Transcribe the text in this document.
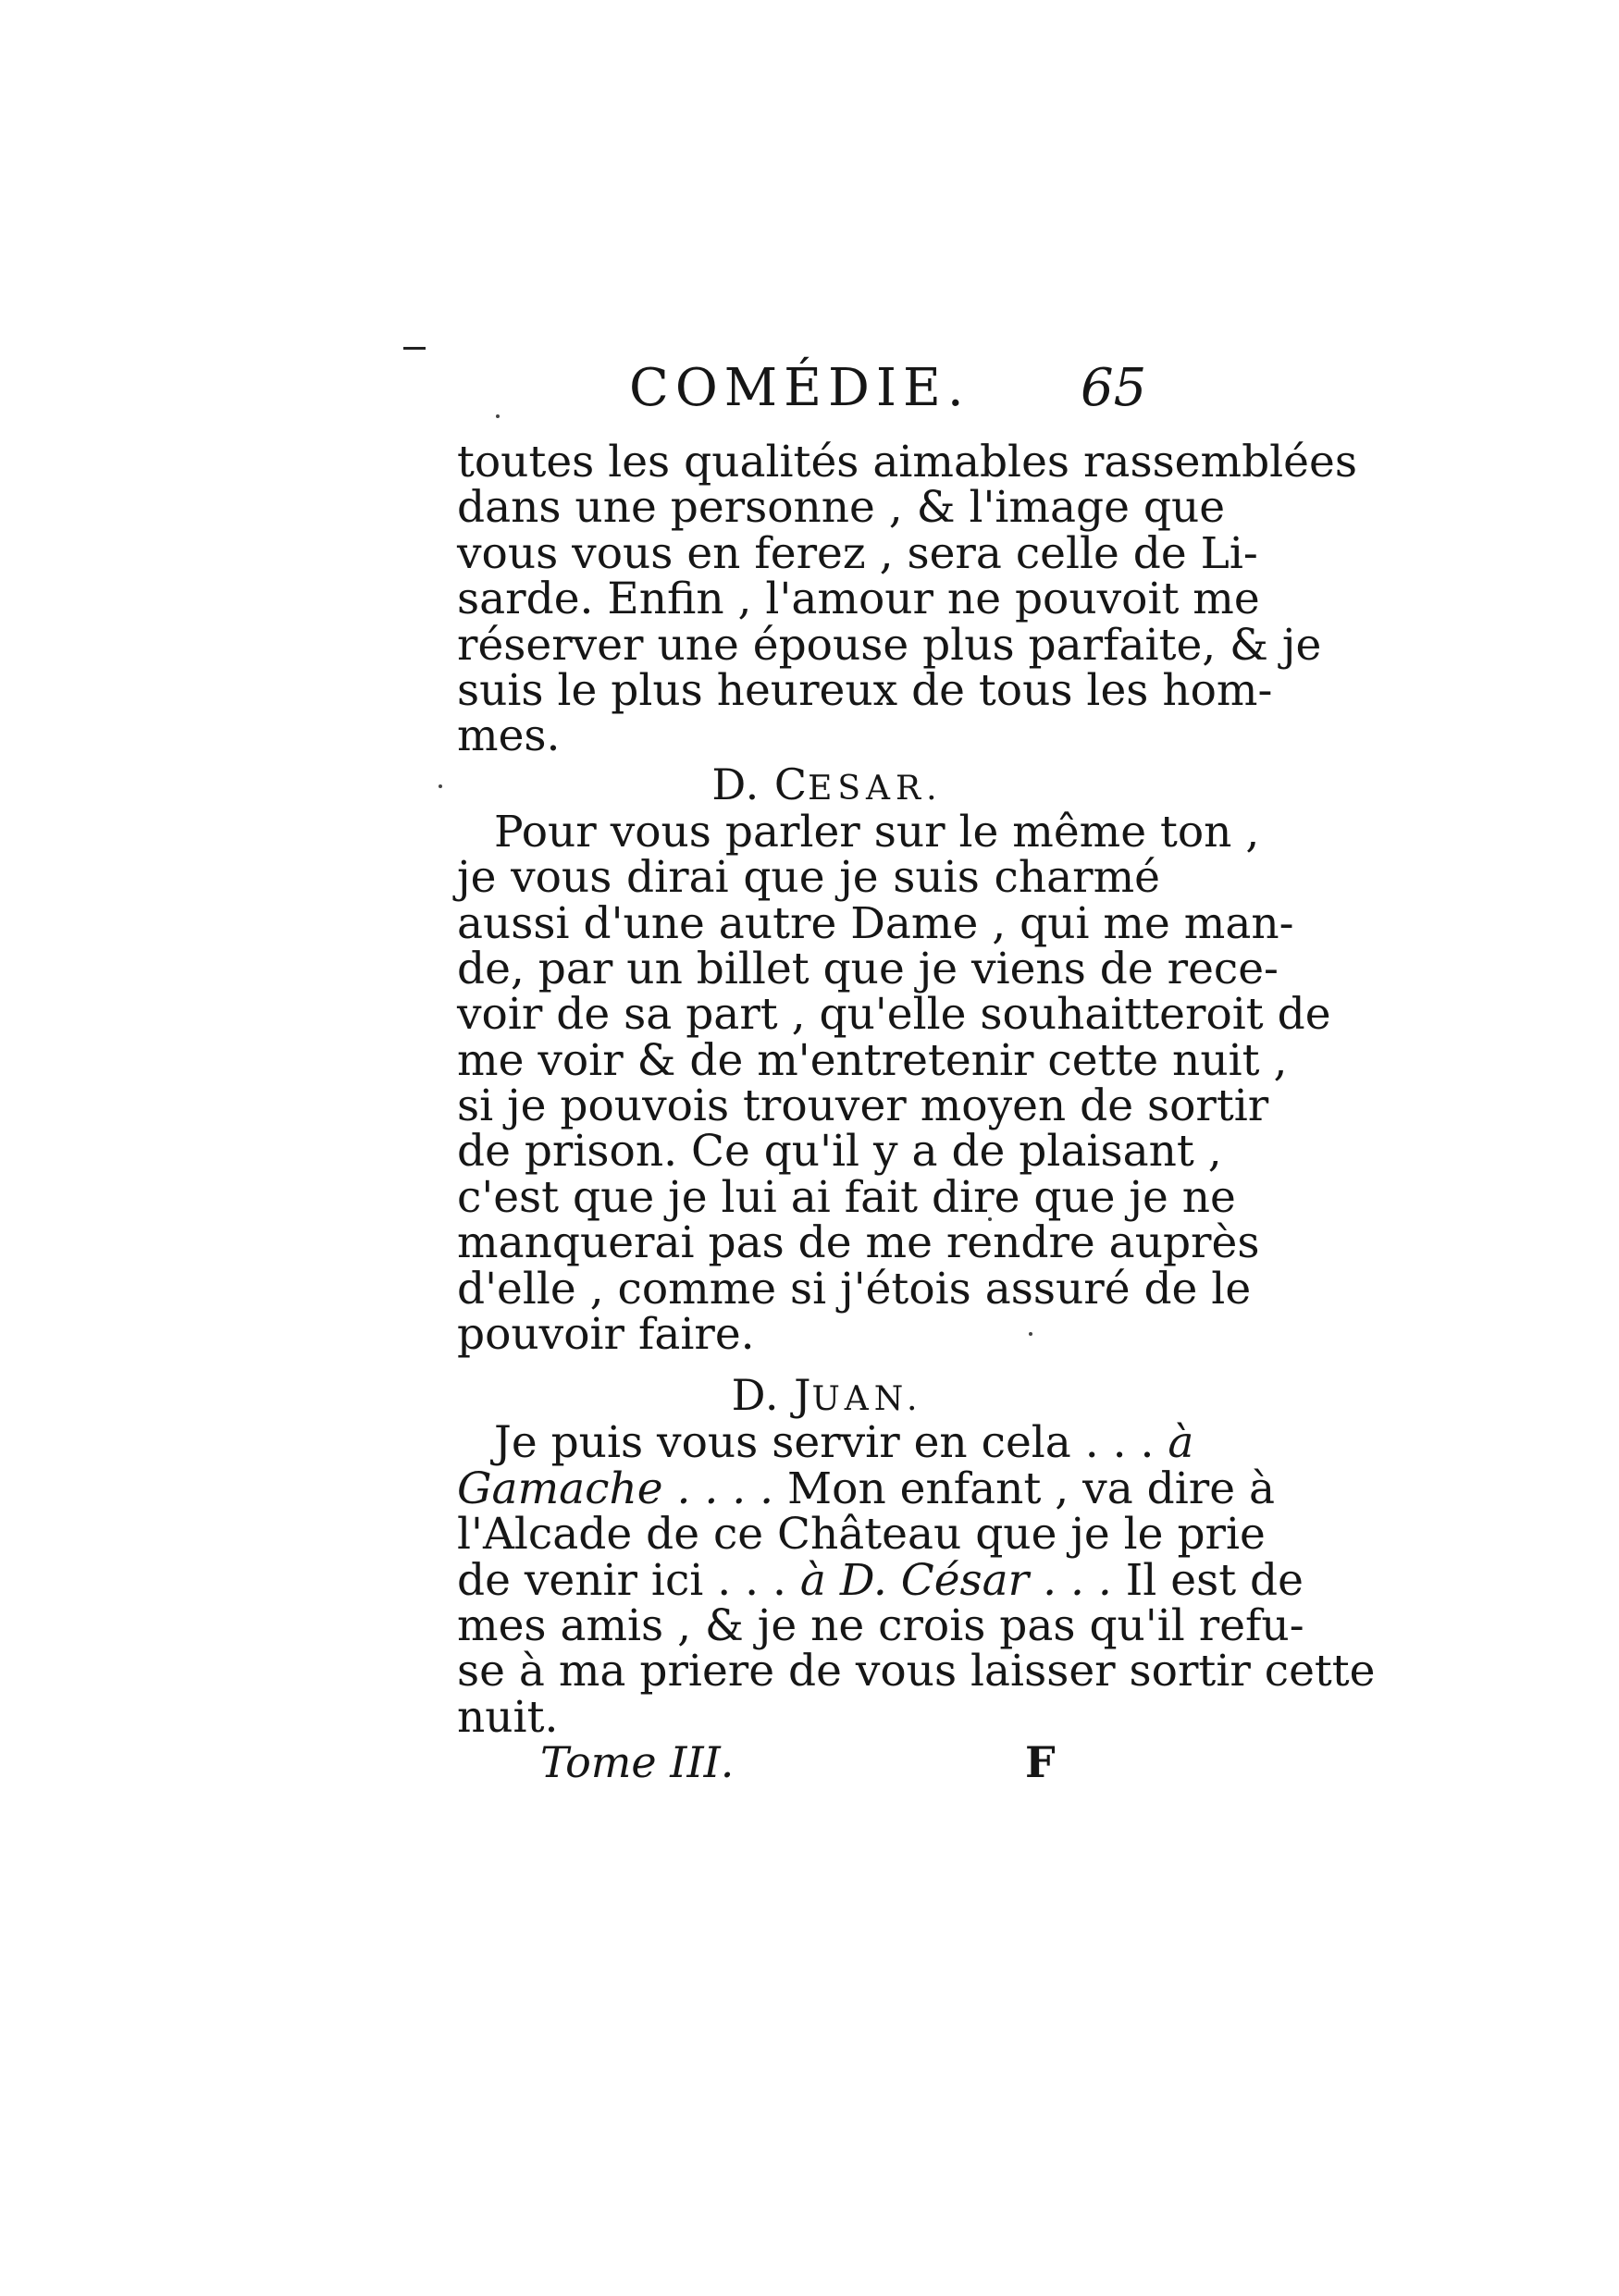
COMÉDIE. 65
toutes les qualités aimables rassemblées
dans une personne , & l'image que
vous vous en ferez , sera celle de Li-
sarde. Enfin , l'amour ne pouvoit me
réserver une épouse plus parfaite, & je
suis le plus heureux de tous les hom-
mes.
D. CESAR.
Pour vous parler sur le même ton ,
je vous dirai que je suis charmé
aussi d'une autre Dame , qui me man-
de, par un billet que je viens de rece-
voir de sa part , qu'elle souhaitteroit de
me voir & de m'entretenir cette nuit ,
si je pouvois trouver moyen de sortir
de prison. Ce qu'il y a de plaisant ,
c'est que je lui ai fait dire que je ne
manquerai pas de me rendre auprès
d'elle , comme si j'étois assuré de le
pouvoir faire.
D. JUAN.
Je puis vous servir en cela . . . à
Gamache . . . . Mon enfant , va dire à
l'Alcade de ce Château que je le prie
de venir ici . . . à D. César . . . Il est de
mes amis , & je ne crois pas qu'il refu-
se à ma priere de vous laisser sortir cette
nuit.
Tome III.	F
